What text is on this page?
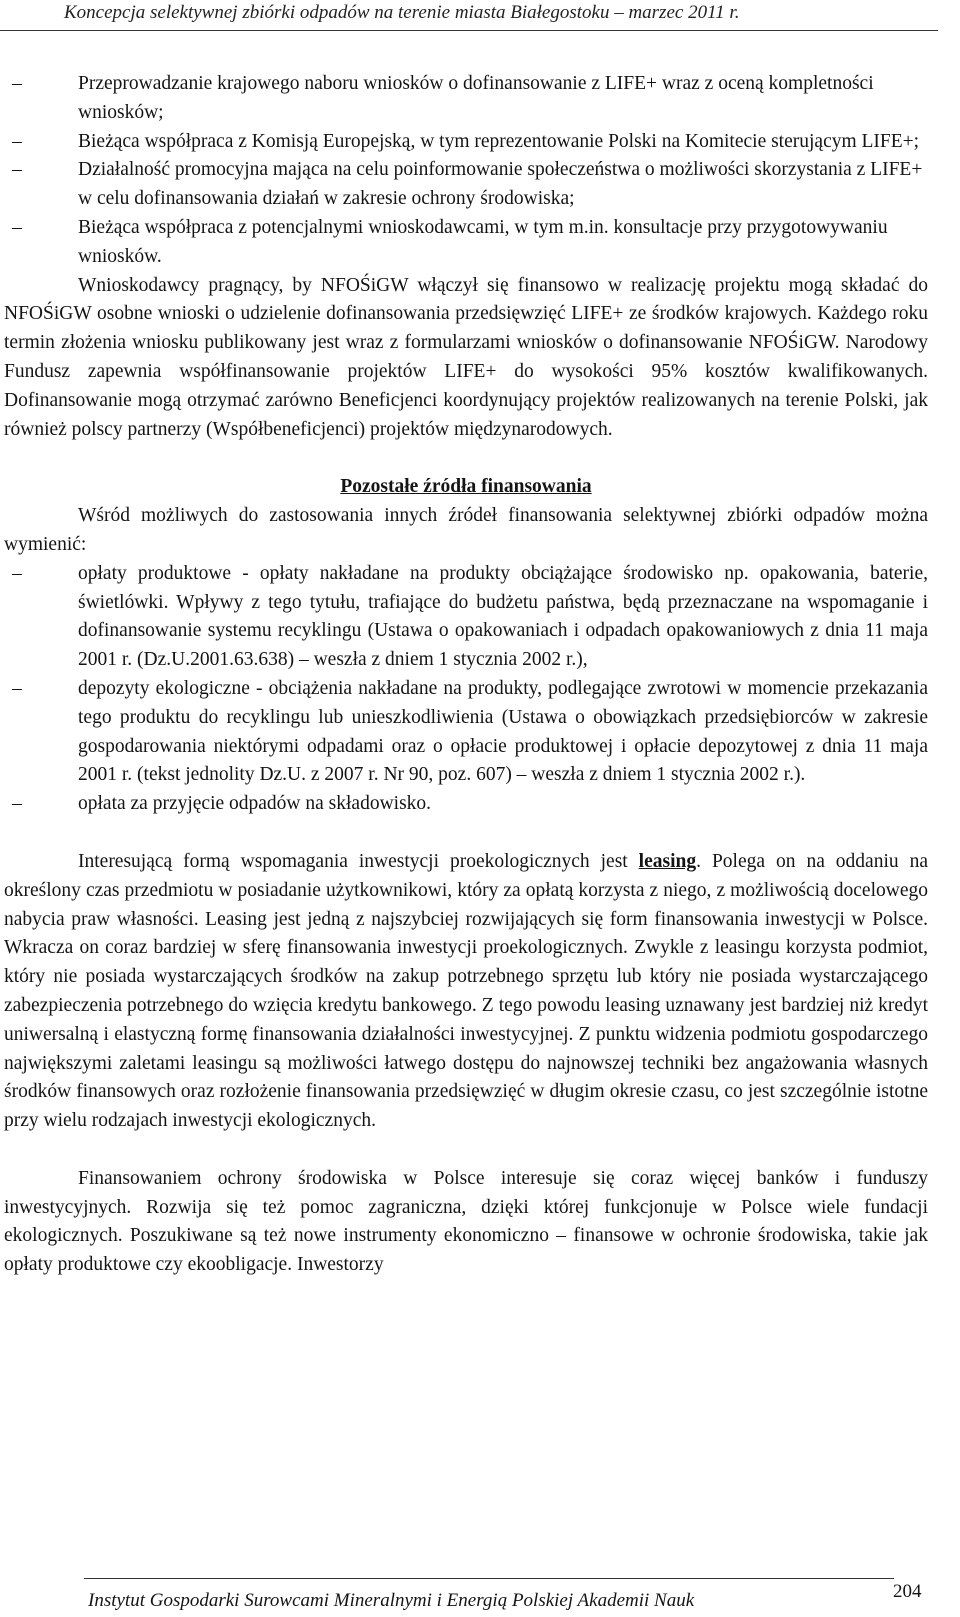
Koncepcja selektywnej zbiórki odpadów na terenie miasta Białegostoku – marzec 2011 r.
–	Przeprowadzanie krajowego naboru wniosków o dofinansowanie z LIFE+ wraz z oceną kompletności wniosków;
–	Bieżąca współpraca z Komisją Europejską, w tym reprezentowanie Polski na Komitecie sterującym LIFE+;
–	Działalność promocyjna mająca na celu poinformowanie społeczeństwa o możliwości skorzystania z LIFE+ w celu dofinansowania działań w zakresie ochrony środowiska;
–	Bieżąca współpraca z potencjalnymi wnioskodawcami, w tym m.in. konsultacje przy przygotowywaniu wniosków.
Wnioskodawcy pragnący, by NFOŚiGW włączył się finansowo w realizację projektu mogą składać do NFOŚiGW osobne wnioski o udzielenie dofinansowania przedsięwzięć LIFE+ ze środków krajowych. Każdego roku termin złożenia wniosku publikowany jest wraz z formularzami wniosków o dofinansowanie NFOŚiGW. Narodowy Fundusz zapewnia współfinansowanie projektów LIFE+ do wysokości 95% kosztów kwalifikowanych. Dofinansowanie mogą otrzymać zarówno Beneficjenci koordynujący projektów realizowanych na terenie Polski, jak również polscy partnerzy (Współbeneficjenci) projektów międzynarodowych.
Pozostałe źródła finansowania
Wśród możliwych do zastosowania innych źródeł finansowania selektywnej zbiórki odpadów można wymienić:
–	opłaty produktowe - opłaty nakładane na produkty obciążające środowisko np. opakowania, baterie, świetlówki. Wpływy z tego tytułu, trafiające do budżetu państwa, będą przeznaczane na wspomaganie i dofinansowanie systemu recyklingu (Ustawa o opakowaniach i odpadach opakowaniowych z dnia 11 maja 2001 r. (Dz.U.2001.63.638) – weszła z dniem 1 stycznia 2002 r.),
–	depozyty ekologiczne - obciążenia nakładane na produkty, podlegające zwrotowi w momencie przekazania tego produktu do recyklingu lub unieszkodliwienia (Ustawa o obowiązkach przedsiębiorców w zakresie gospodarowania niektórymi odpadami oraz o opłacie produktowej i opłacie depozytowej z dnia 11 maja 2001 r. (tekst jednolity Dz.U. z 2007 r. Nr 90, poz. 607) – weszła z dniem 1 stycznia 2002 r.).
–	opłata za przyjęcie odpadów na składowisko.
Interesującą formą wspomagania inwestycji proekologicznych jest leasing. Polega on na oddaniu na określony czas przedmiotu w posiadanie użytkownikowi, który za opłatą korzysta z niego, z możliwością docelowego nabycia praw własności. Leasing jest jedną z najszybciej rozwijających się form finansowania inwestycji w Polsce. Wkracza on coraz bardziej w sferę finansowania inwestycji proekologicznych. Zwykle z leasingu korzysta podmiot, który nie posiada wystarczających środków na zakup potrzebnego sprzętu lub który nie posiada wystarczającego zabezpieczenia potrzebnego do wzięcia kredytu bankowego. Z tego powodu leasing uznawany jest bardziej niż kredyt uniwersalną i elastyczną formę finansowania działalności inwestycyjnej. Z punktu widzenia podmiotu gospodarczego największymi zaletami leasingu są możliwości łatwego dostępu do najnowszej techniki bez angażowania własnych środków finansowych oraz rozłożenie finansowania przedsięwzięć w długim okresie czasu, co jest szczególnie istotne przy wielu rodzajach inwestycji ekologicznych.
Finansowaniem ochrony środowiska w Polsce interesuje się coraz więcej banków i funduszy inwestycyjnych. Rozwija się też pomoc zagraniczna, dzięki której funkcjonuje w Polsce wiele fundacji ekologicznych. Poszukiwane są też nowe instrumenty ekonomiczno – finansowe w ochronie środowiska, takie jak opłaty produktowe czy ekoobligacje. Inwestorzy
Instytut Gospodarki Surowcami Mineralnymi i Energią Polskiej Akademii Nauk	204
